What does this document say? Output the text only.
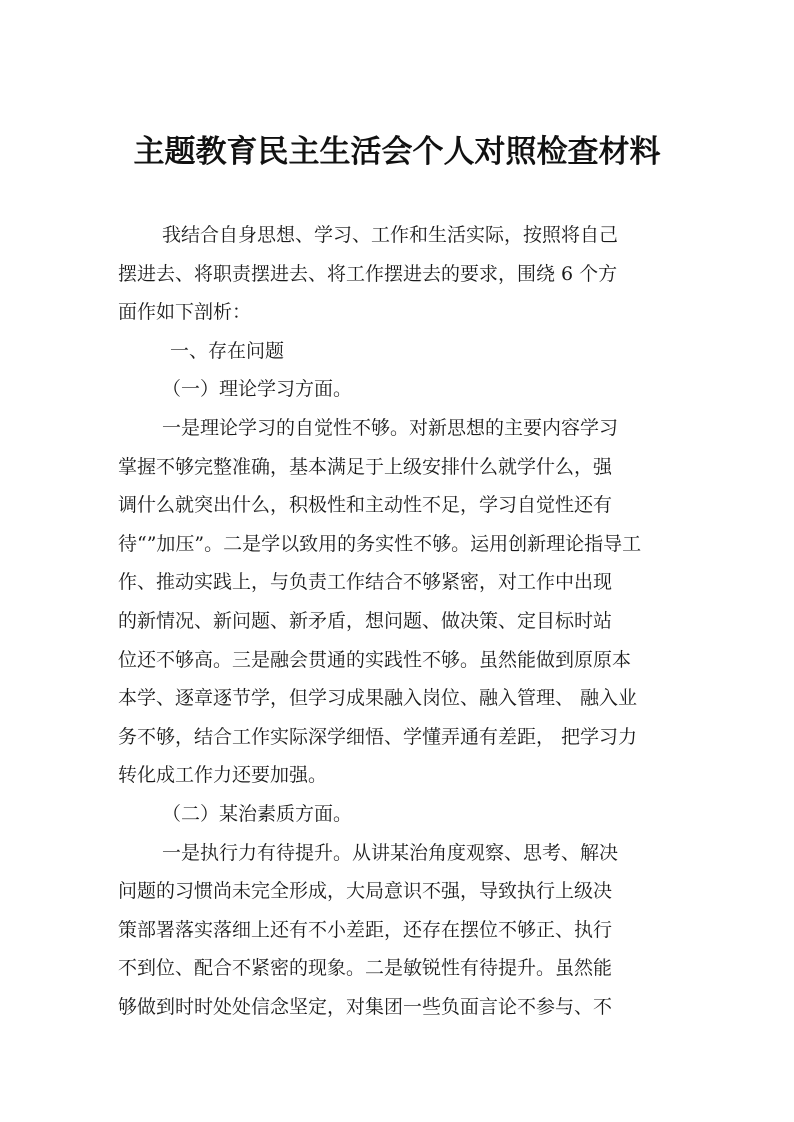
主题教育民主生活会个人对照检查材料
我结合自身思想、学习、工作和生活实际，按照将自己
摆进去、将职责摆进去、将工作摆进去的要求，围绕 6 个方
面作如下剖析：
一、存在问题
（一）理论学习方面。
一是理论学习的自觉性不够。对新思想的主要内容学习
掌握不够完整准确，基本满足于上级安排什么就学什么，强
调什么就突出什么，积极性和主动性不足，学习自觉性还有
待“”加压”。二是学以致用的务实性不够。运用创新理论指导工
作、推动实践上，与负责工作结合不够紧密，对工作中出现
的新情况、新问题、新矛盾，想问题、做决策、定目标时站
位还不够高。三是融会贯通的实践性不够。虽然能做到原原本
本学、逐章逐节学，但学习成果融入岗位、融入管理、 融入业
务不够，结合工作实际深学细悟、学懂弄通有差距， 把学习力
转化成工作力还要加强。
（二）某治素质方面。
一是执行力有待提升。从讲某治角度观察、思考、解决
问题的习惯尚未完全形成，大局意识不强，导致执行上级决
策部署落实落细上还有不小差距，还存在摆位不够正、执行
不到位、配合不紧密的现象。二是敏锐性有待提升。虽然能
够做到时时处处信念坚定，对集团一些负面言论不参与、不
